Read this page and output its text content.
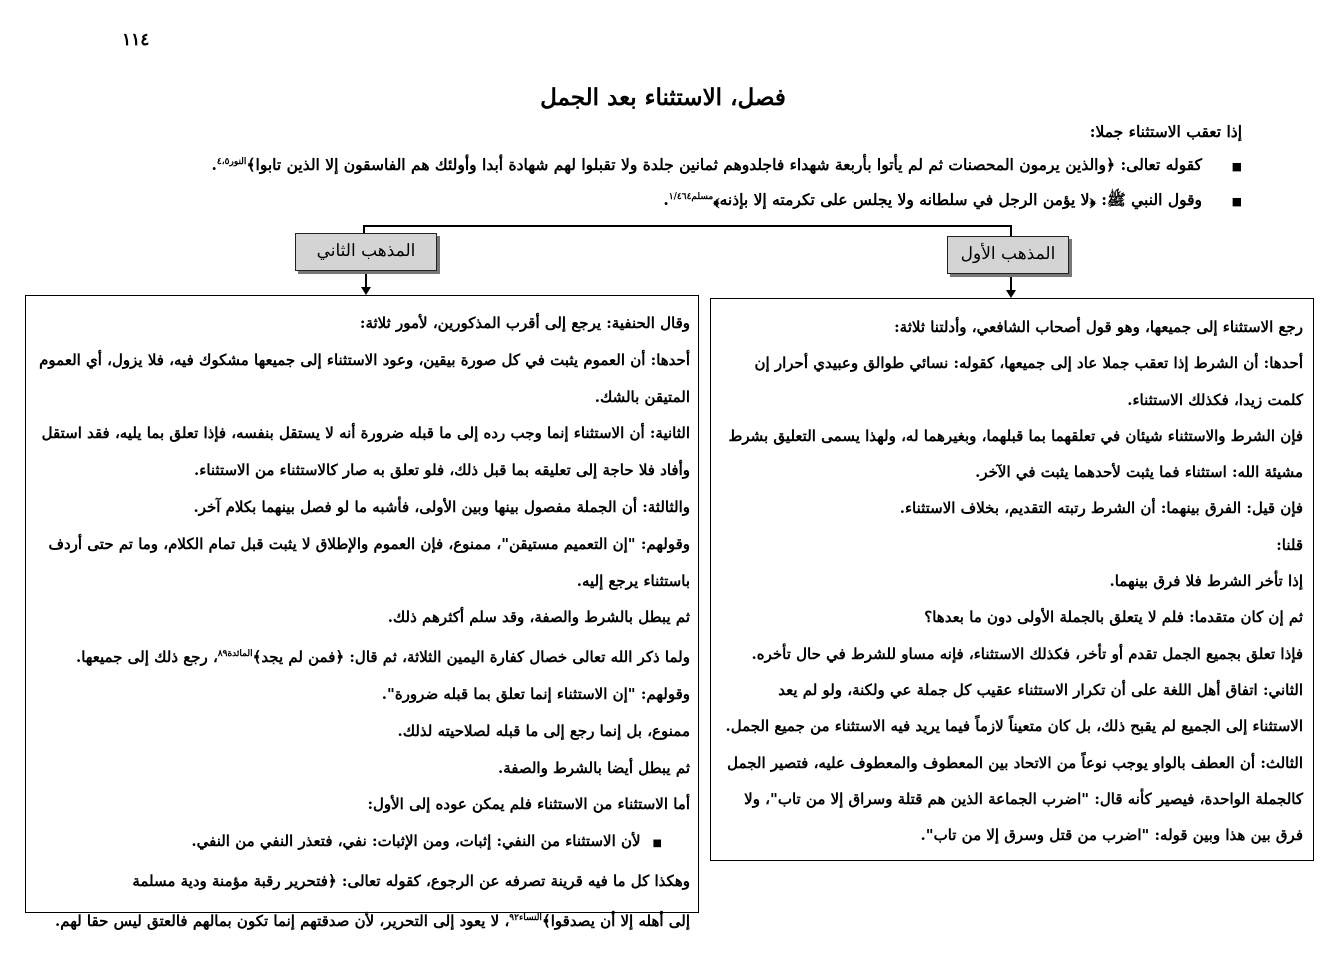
١١٤
فصل، الاستثناء بعد الجمل

إذا تعقب الاستثناء جملا:

■
كقوله تعالى: ﴿والذين يرمون المحصنات ثم لم يأتوا بأربعة شهداء فاجلدوهم ثمانين جلدة ولا تقبلوا لهم شهادة أبدا وأولئك هم الفاسقون إلا الذين تابوا﴾$^{النور٤،٥}$.
■
وقول النبي ﷺ: ﴿لا يؤمن الرجل في سلطانه ولا يجلس على تكرمته إلا بإذنه﴾$^{مسلم١/٤٦٤}$.
المذهب الأول
المذهب الثاني

رجع الاستثناء إلى جميعها، وهو قول أصحاب الشافعي، وأدلتنا ثلاثة:

أحدها: أن الشرط إذا تعقب جملا عاد إلى جميعها، كقوله: نسائي طوالق وعبيدي أحرار إن

كلمت زيدا، فكذلك الاستثناء.

فإن الشرط والاستثناء شيئان في تعلقهما بما قبلهما، وبغيرهما له، ولهذا يسمى التعليق بشرط

مشيئة الله: استثناء فما يثبت لأحدهما يثبت في الآخر.

فإن قيل: الفرق بينهما: أن الشرط رتبته التقديم، بخلاف الاستثناء.

قلنا:

إذا تأخر الشرط فلا فرق بينهما.

ثم إن كان متقدما: فلم لا يتعلق بالجملة الأولى دون ما بعدها؟

فإذا تعلق بجميع الجمل تقدم أو تأخر، فكذلك الاستثناء، فإنه مساو للشرط في حال تأخره.

الثاني: اتفاق أهل اللغة على أن تكرار الاستثناء عقيب كل جملة عي ولكنة، ولو لم يعد

الاستثناء إلى الجميع لم يقبح ذلك، بل كان متعيناً لازماً فيما يريد فيه الاستثناء من جميع الجمل.

الثالث: أن العطف بالواو يوجب نوعاً من الاتحاد بين المعطوف والمعطوف عليه، فتصير الجمل

كالجملة الواحدة، فيصير كأنه قال: "اضرب الجماعة الذين هم قتلة وسراق إلا من تاب"، ولا

فرق بين هذا وبين قوله: "اضرب من قتل وسرق إلا من تاب".

وقال الحنفية: يرجع إلى أقرب المذكورين، لأمور ثلاثة:

أحدها: أن العموم يثبت في كل صورة بيقين، وعود الاستثناء إلى جميعها مشكوك فيه، فلا يزول، أي العموم

المتيقن بالشك.

الثانية: أن الاستثناء إنما وجب رده إلى ما قبله ضرورة أنه لا يستقل بنفسه، فإذا تعلق بما يليه، فقد استقل

وأفاد فلا حاجة إلى تعليقه بما قبل ذلك، فلو تعلق به صار كالاستثناء من الاستثناء.

والثالثة: أن الجملة مفصول بينها وبين الأولى، فأشبه ما لو فصل بينهما بكلام آخر.

وقولهم: "إن التعميم مستيقن"، ممنوع، فإن العموم والإطلاق لا يثبت قبل تمام الكلام، وما تم حتى أردف

باستثناء يرجع إليه.

ثم يبطل بالشرط والصفة، وقد سلم أكثرهم ذلك.

ولما ذكر الله تعالى خصال كفارة اليمين الثلاثة، ثم قال: ﴿فمن لم يجد﴾$^{المائدة٨٩}$، رجع ذلك إلى جميعها.

وقولهم: "إن الاستثناء إنما تعلق بما قبله ضرورة".

ممنوع، بل إنما رجع إلى ما قبله لصلاحيته لذلك.

ثم يبطل أيضا بالشرط والصفة.

أما الاستثناء من الاستثناء فلم يمكن عوده إلى الأول:

■لأن الاستثناء من النفي: إثبات، ومن الإثبات: نفي، فتعذر النفي من النفي.

وهكذا كل ما فيه قرينة تصرفه عن الرجوع، كقوله تعالى: ﴿فتحرير رقبة مؤمنة ودية مسلمة

إلى أهله إلا أن يصدقوا﴾$^{النساء٩٢}$، لا يعود إلى التحرير، لأن صدقتهم إنما تكون بمالهم فالعتق ليس حقا لهم.
